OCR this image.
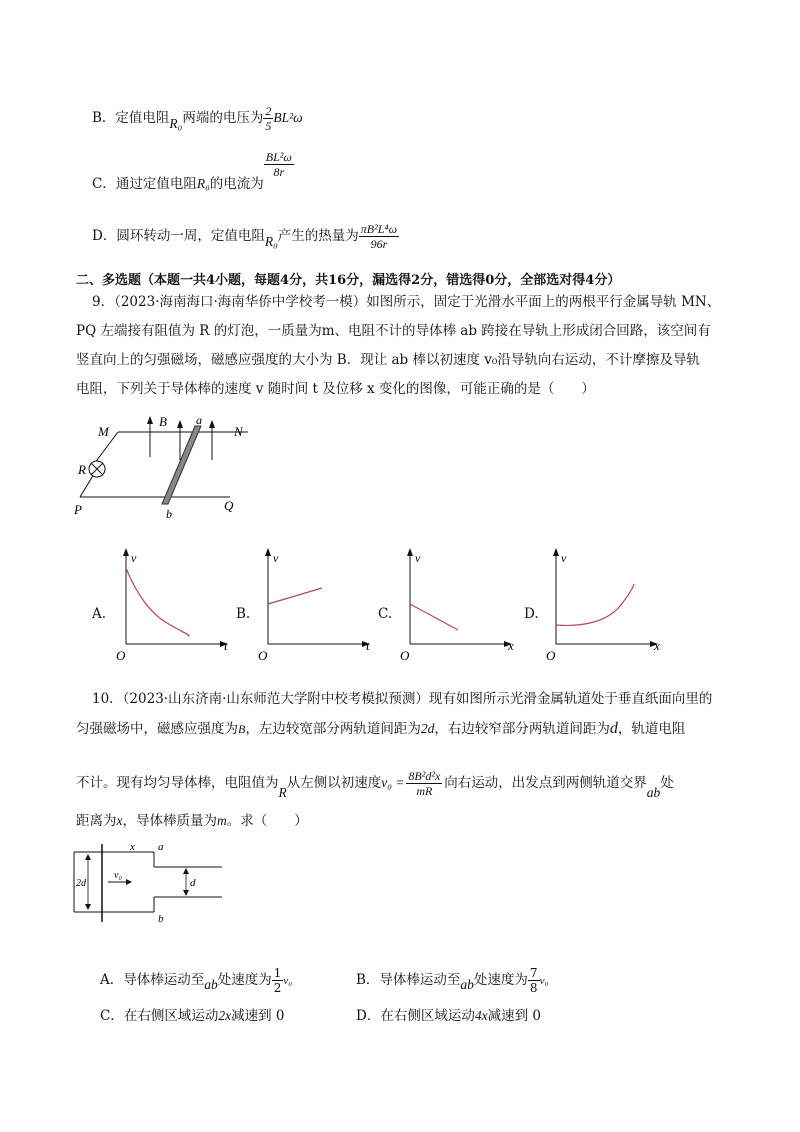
B．定值电阻R₀两端的电压为 $\frac{2}{5} BL^2\omega$
C．通过定值电阻R₀的电流为
$\frac{\text{BL²ω}}{8r}$
D．圆环转动一周，定值电阻R₀产生的热量为 $\frac{\text{πB²L⁴ω}}{96r}$
二、多选题（本题一共4小题，每题4分，共16分，漏选得2分，错选得0分，全部选对得4分）
9．（2023·海南海口·海南华侨中学校考一模）如图所示，固定于光滑水平面上的两根平行金属导轨 MN、
PQ 左端接有阻值为 R 的灯泡，一质量为m、电阻不计的导体棒 ab 跨接在导轨上形成闭合回路，该空间有
竖直向上的匀强磁场，磁感应强度的大小为 B．现让 ab 棒以初速度 v₀沿导轨向右运动，不计摩擦及导轨
电阻，下列关于导体棒的速度 v 随时间 t 及位移 x 变化的图像，可能正确的是（　　）
M	N
P	Q
R
B a
b
A.
v
t
O
B.
v
t
O
C.
v
x
O
D.
v
x
O
10．（2023·山东济南·山东师范大学附中校考模拟预测）现有如图所示光滑金属轨道处于垂直纸面向里的
匀强磁场中，磁感应强度为B，左边较宽部分两轨道间距为2d，右边较窄部分两轨道间距为d，轨道电阻
不计。现有均匀导体棒，电阻值为R从左侧以初速度$v_0 = \frac{\text{8B²d²x}}{mR}$ 向右运动，出发点到两侧轨道交界ab处
距离为x，导体棒质量为m。求（　　）
x a
b
2d	d
v₀
A．导体棒运动至ab处速度为 $\frac{1}{2} v_0$	B．导体棒运动至ab处速度为 $\frac{7}{8} v_0$
C．在右侧区域运动2x减速到 0	D．在右侧区域运动4x减速到 0
